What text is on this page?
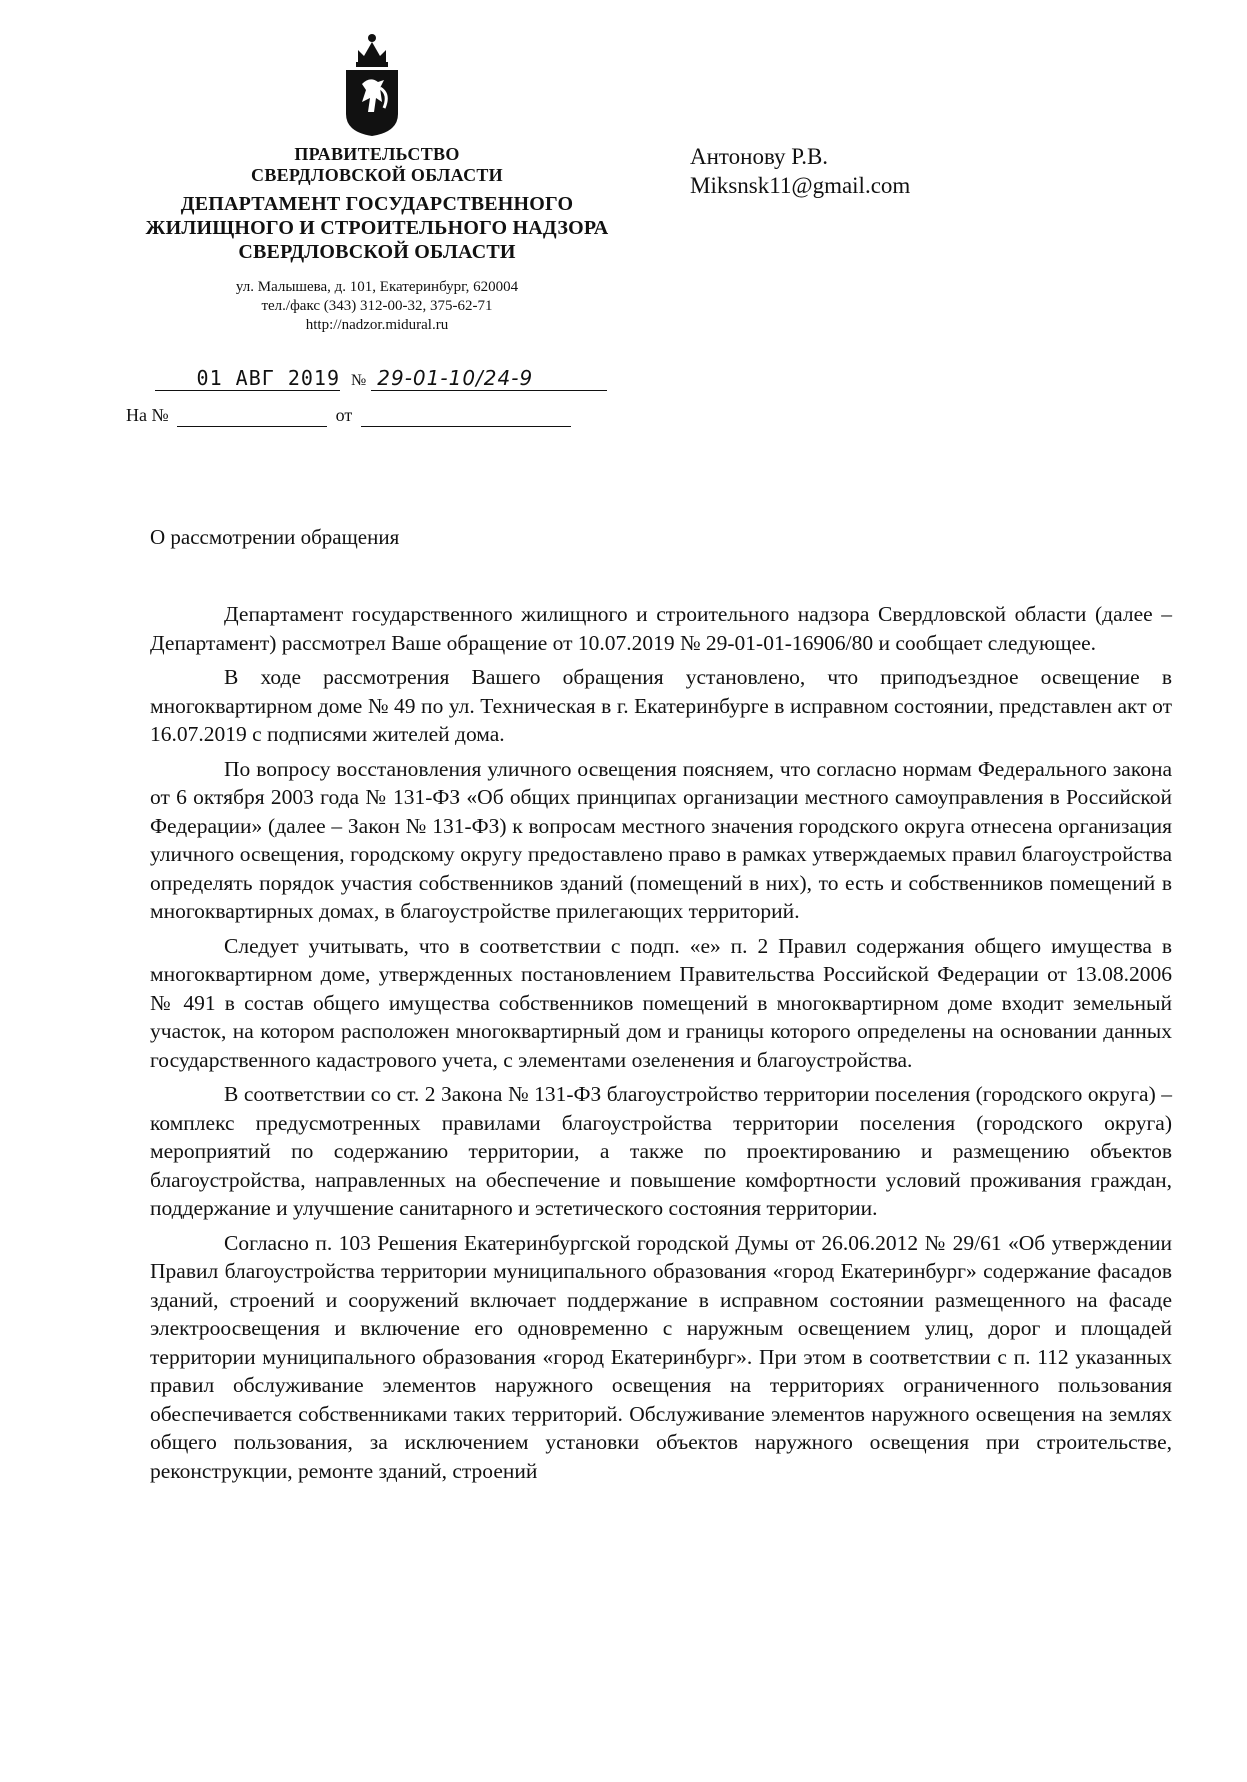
ПРАВИТЕЛЬСТВО
СВЕРДЛОВСКОЙ ОБЛАСТИ
ДЕПАРТАМЕНТ ГОСУДАРСТВЕННОГО
ЖИЛИЩНОГО И СТРОИТЕЛЬНОГО НАДЗОРА
СВЕРДЛОВСКОЙ ОБЛАСТИ
ул. Малышева, д. 101, Екатеринбург, 620004
тел./факс (343) 312-00-32, 375-62-71
http://nadzor.midural.ru
01 АВГ 2019 № 29-01-10/24-9
На №	от
Антонову Р.В.
Miksnsk11@gmail.com
О рассмотрении обращения

Департамент государственного жилищного и строительного надзора Свердловской области (далее – Департамент) рассмотрел Ваше обращение от 10.07.2019 № 29-01-01-16906/80 и сообщает следующее.

В ходе рассмотрения Вашего обращения установлено, что приподъездное освещение в многоквартирном доме № 49 по ул. Техническая в г. Екатеринбурге в исправном состоянии, представлен акт от 16.07.2019 с подписями жителей дома.

По вопросу восстановления уличного освещения поясняем, что согласно нормам Федерального закона от 6 октября 2003 года № 131-ФЗ «Об общих принципах организации местного самоуправления в Российской Федерации» (далее – Закон № 131-ФЗ) к вопросам местного значения городского округа отнесена организация уличного освещения, городскому округу предоставлено право в рамках утверждаемых правил благоустройства определять порядок участия собственников зданий (помещений в них), то есть и собственников помещений в многоквартирных домах, в благоустройстве прилегающих территорий.

Следует учитывать, что в соответствии с подп. «е» п. 2 Правил содержания общего имущества в многоквартирном доме, утвержденных постановлением Правительства Российской Федерации от 13.08.2006 № 491 в состав общего имущества собственников помещений в многоквартирном доме входит земельный участок, на котором расположен многоквартирный дом и границы которого определены на основании данных государственного кадастрового учета, с элементами озеленения и благоустройства.

В соответствии со ст. 2 Закона № 131-ФЗ благоустройство территории поселения (городского округа) – комплекс предусмотренных правилами благоустройства территории поселения (городского округа) мероприятий по содержанию территории, а также по проектированию и размещению объектов благоустройства, направленных на обеспечение и повышение комфортности условий проживания граждан, поддержание и улучшение санитарного и эстетического состояния территории.

Согласно п. 103 Решения Екатеринбургской городской Думы от 26.06.2012 № 29/61 «Об утверждении Правил благоустройства территории муниципального образования «город Екатеринбург» содержание фасадов зданий, строений и сооружений включает поддержание в исправном состоянии размещенного на фасаде электроосвещения и включение его одновременно с наружным освещением улиц, дорог и площадей территории муниципального образования «город Екатеринбург». При этом в соответствии с п. 112 указанных правил обслуживание элементов наружного освещения на территориях ограниченного пользования обеспечивается собственниками таких территорий. Обслуживание элементов наружного освещения на землях общего пользования, за исключением установки объектов наружного освещения при строительстве, реконструкции, ремонте зданий, строений
